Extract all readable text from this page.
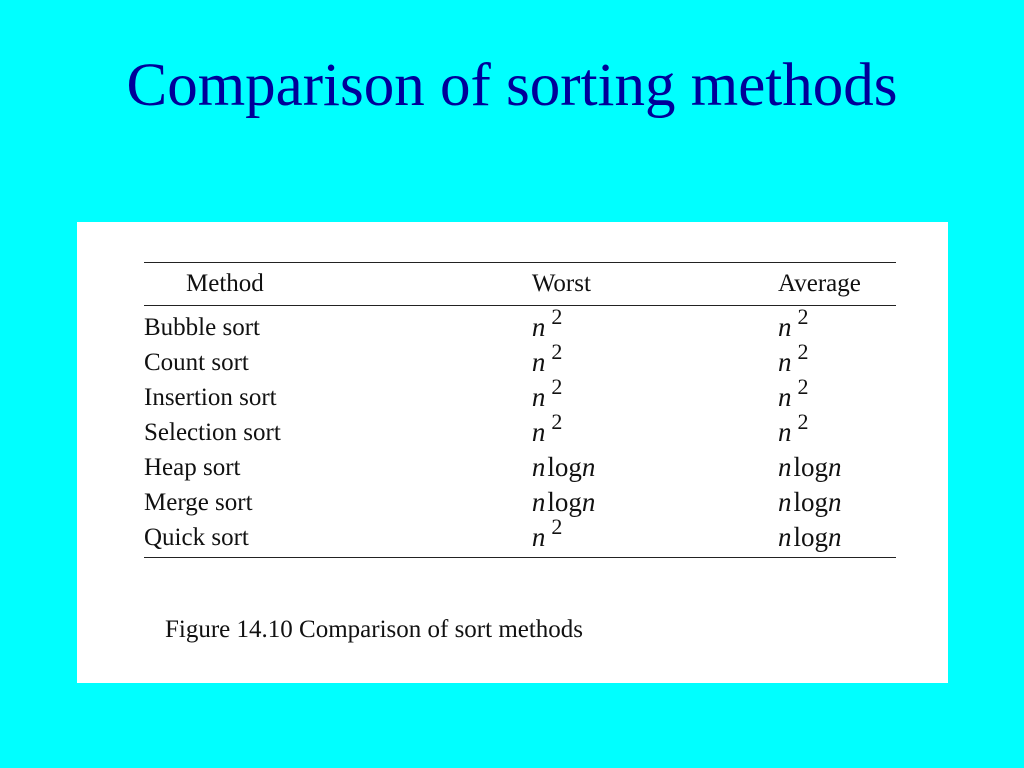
Comparison of sorting methods
Method	Worst	Average
Bubble sort	n $^2$	n $^2$
Count sort	n $^2$	n $^2$
Insertion sort	n $^2$	n $^2$
Selection sort	n $^2$	n $^2$
Heap sort	nlogn	nlogn
Merge sort	nlogn	nlogn
Quick sort	n $^2$	nlogn

Figure 14.10 Comparison of sort methods
